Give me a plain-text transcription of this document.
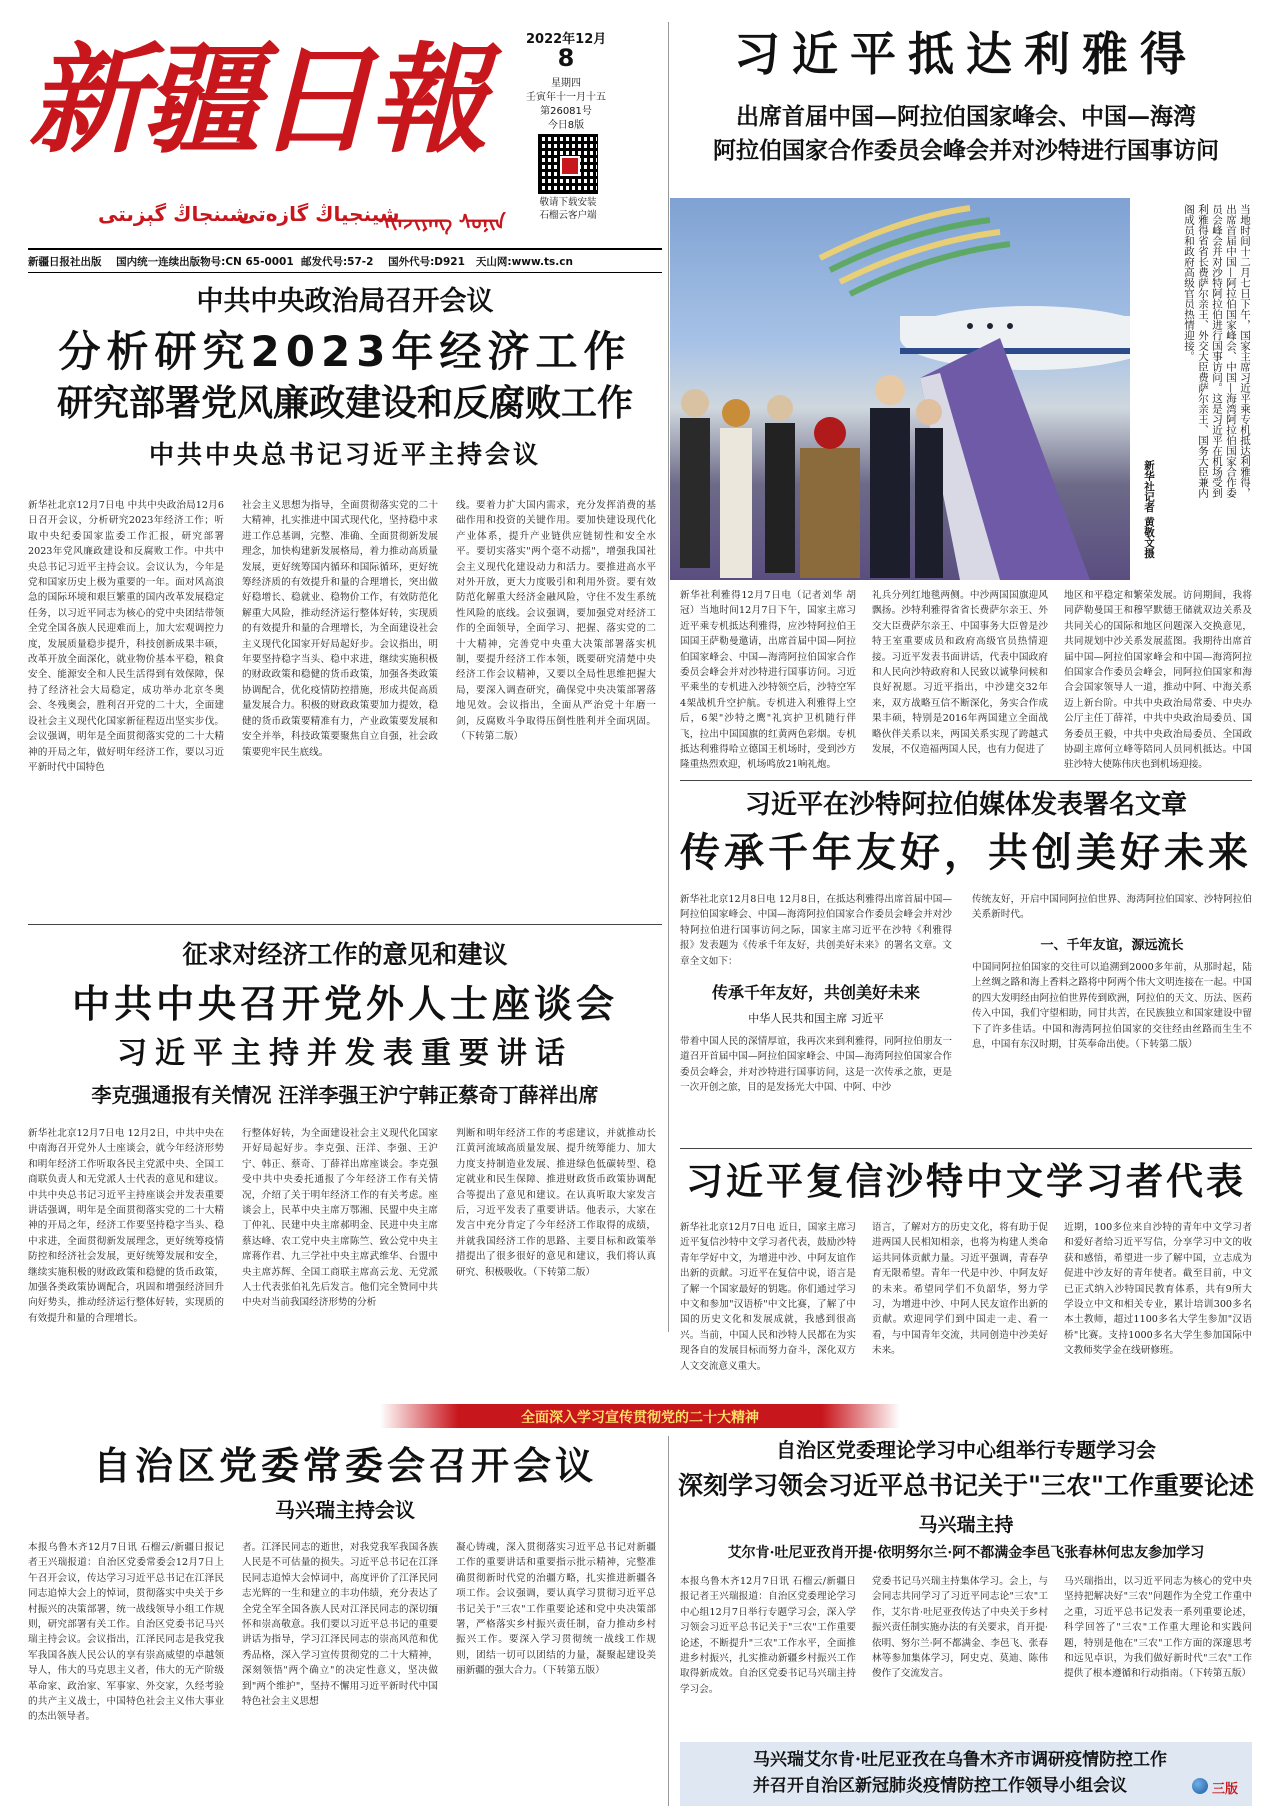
新疆日報
شىنجاڭ گېزىتى
شينجياڭ گازەتى
ᠰᠢᠨᠵᠢᠶᠠᠩ ᠰᠣᠨᠢᠨ
2022年12月
8
星期四
壬寅年十一月十五
第26081号
今日8版
敬请下载安装
石榴云客户端
新疆日报社出版    国内统一连续出版物号:CN 65-0001  邮发代号:57-2    国外代号:D921   天山网:www.ts.cn
习近平抵达利雅得
出席首届中国—阿拉伯国家峰会、中国—海湾
阿拉伯国家合作委员会峰会并对沙特进行国事访问
当地时间十二月七日下午，国家主席习近平乘专机抵达利雅得，出席首届中国—阿拉伯国家峰会、中国—海湾阿拉伯国家合作委员会峰会并对沙特阿拉伯进行国事访问。这是习近平在机场受到利雅得省省长费萨尔亲王、外交大臣费萨尔亲王、国务大臣兼内阁成员和政府高级官员热情迎接。
新华社记者 黄敬文摄
新华社利雅得12月7日电（记者刘华 胡冠）当地时间12月7日下午，国家主席习近平乘专机抵达利雅得，应沙特阿拉伯王国国王萨勒曼邀请，出席首届中国—阿拉伯国家峰会、中国—海湾阿拉伯国家合作委员会峰会并对沙特进行国事访问。习近平乘坐的专机进入沙特领空后，沙特空军4架战机升空护航。专机进入利雅得上空后，6架"沙特之鹰"礼宾护卫机随行伴飞，拉出中国国旗的红黄两色彩烟。专机抵达利雅得哈立德国王机场时，受到沙方隆重热烈欢迎，机场鸣放21响礼炮。
礼兵分列红地毯两侧。中沙两国国旗迎风飘扬。沙特利雅得省省长费萨尔亲王、外交大臣费萨尔亲王、中国事务大臣曾是沙特王室重要成员和政府高级官员热情迎接。习近平发表书面讲话，代表中国政府和人民向沙特政府和人民致以诚挚问候和良好祝愿。习近平指出，中沙建交32年来，双方战略互信不断深化，务实合作成果丰硕，特别是2016年两国建立全面战略伙伴关系以来，两国关系实现了跨越式发展，不仅造福两国人民，也有力促进了
地区和平稳定和繁荣发展。访问期间，我将同萨勒曼国王和穆罕默德王储就双边关系及共同关心的国际和地区问题深入交换意见，共同规划中沙关系发展蓝图。我期待出席首届中国—阿拉伯国家峰会和中国—海湾阿拉伯国家合作委员会峰会，同阿拉伯国家和海合会国家领导人一道，推动中阿、中海关系迈上新台阶。中共中央政治局常委、中央办公厅主任丁薛祥，中共中央政治局委员、国务委员王毅，中共中央政治局委员、全国政协副主席何立峰等陪同人员同机抵达。中国驻沙特大使陈伟庆也到机场迎接。
中共中央政治局召开会议
分析研究2023年经济工作
研究部署党风廉政建设和反腐败工作
中共中央总书记习近平主持会议
新华社北京12月7日电 中共中央政治局12月6日召开会议，分析研究2023年经济工作；听取中央纪委国家监委工作汇报，研究部署2023年党风廉政建设和反腐败工作。中共中央总书记习近平主持会议。会议认为，今年是党和国家历史上极为重要的一年。面对风高浪急的国际环境和艰巨繁重的国内改革发展稳定任务，以习近平同志为核心的党中央团结带领全党全国各族人民迎难而上，加大宏观调控力度，发展质量稳步提升，科技创新成果丰硕，改革开放全面深化，就业物价基本平稳，粮食安全、能源安全和人民生活得到有效保障，保持了经济社会大局稳定，成功举办北京冬奥会、冬残奥会，胜利召开党的二十大，全面建设社会主义现代化国家新征程迈出坚实步伐。会议强调，明年是全面贯彻落实党的二十大精神的开局之年，做好明年经济工作，要以习近平新时代中国特色
社会主义思想为指导，全面贯彻落实党的二十大精神，扎实推进中国式现代化，坚持稳中求进工作总基调，完整、准确、全面贯彻新发展理念，加快构建新发展格局，着力推动高质量发展，更好统筹国内循环和国际循环，更好统筹经济质的有效提升和量的合理增长，突出做好稳增长、稳就业、稳物价工作，有效防范化解重大风险，推动经济运行整体好转，实现质的有效提升和量的合理增长，为全面建设社会主义现代化国家开好局起好步。会议指出，明年要坚持稳字当头、稳中求进，继续实施积极的财政政策和稳健的货币政策，加强各类政策协调配合，优化疫情防控措施，形成共促高质量发展合力。积极的财政政策要加力提效，稳健的货币政策要精准有力，产业政策要发展和安全并举，科技政策要聚焦自立自强，社会政策要兜牢民生底线。
线。要着力扩大国内需求，充分发挥消费的基础作用和投资的关键作用。要加快建设现代化产业体系，提升产业链供应链韧性和安全水平。要切实落实"两个毫不动摇"，增强我国社会主义现代化建设动力和活力。要推进高水平对外开放，更大力度吸引和利用外资。要有效防范化解重大经济金融风险，守住不发生系统性风险的底线。会议强调，要加强党对经济工作的全面领导，全面学习、把握、落实党的二十大精神，完善党中央重大决策部署落实机制，要提升经济工作本领，既要研究清楚中央经济工作会议精神，又要以全局性思维把握大局，要深入调查研究，确保党中央决策部署落地见效。会议指出，全面从严治党十年磨一剑，反腐败斗争取得压倒性胜利并全面巩固。（下转第二版）
征求对经济工作的意见和建议
中共中央召开党外人士座谈会
习近平主持并发表重要讲话
李克强通报有关情况 汪洋李强王沪宁韩正蔡奇丁薛祥出席
新华社北京12月7日电 12月2日，中共中央在中南海召开党外人士座谈会，就今年经济形势和明年经济工作听取各民主党派中央、全国工商联负责人和无党派人士代表的意见和建议。中共中央总书记习近平主持座谈会并发表重要讲话强调，明年是全面贯彻落实党的二十大精神的开局之年，经济工作要坚持稳字当头、稳中求进，全面贯彻新发展理念，更好统筹疫情防控和经济社会发展，更好统筹发展和安全，继续实施积极的财政政策和稳健的货币政策，加强各类政策协调配合，巩固和增强经济回升向好势头，推动经济运行整体好转，实现质的有效提升和量的合理增长。
行整体好转，为全面建设社会主义现代化国家开好局起好步。李克强、汪洋、李强、王沪宁、韩正、蔡奇、丁薛祥出席座谈会。李克强受中共中央委托通报了今年经济工作有关情况，介绍了关于明年经济工作的有关考虑。座谈会上，民革中央主席万鄂湘、民盟中央主席丁仲礼、民建中央主席郝明金、民进中央主席蔡达峰、农工党中央主席陈竺、致公党中央主席蒋作君、九三学社中央主席武维华、台盟中央主席苏辉、全国工商联主席高云龙、无党派人士代表张伯礼先后发言。他们完全赞同中共中央对当前我国经济形势的分析
判断和明年经济工作的考虑建议，并就推动长江黄河流域高质量发展、提升统筹能力、加大力度支持制造业发展、推进绿色低碳转型、稳定就业和民生保障、推进财政货币政策协调配合等提出了意见和建议。在认真听取大家发言后，习近平发表了重要讲话。他表示，大家在发言中充分肯定了今年经济工作取得的成绩，并就我国经济工作的思路、主要目标和政策举措提出了很多很好的意见和建议，我们将认真研究、积极吸收。（下转第二版）
习近平在沙特阿拉伯媒体发表署名文章
传承千年友好，共创美好未来
新华社北京12月8日电 12月8日，在抵达利雅得出席首届中国—阿拉伯国家峰会、中国—海湾阿拉伯国家合作委员会峰会并对沙特阿拉伯进行国事访问之际，国家主席习近平在沙特《利雅得报》发表题为《传承千年友好，共创美好未来》的署名文章。文章全文如下：
传统友好，开启中国同阿拉伯世界、海湾阿拉伯国家、沙特阿拉伯关系新时代。
一、千年友谊，源远流长
传承千年友好，共创美好未来
中华人民共和国主席 习近平
带着中国人民的深情厚谊，我再次来到利雅得，同阿拉伯朋友一道召开首届中国—阿拉伯国家峰会、中国—海湾阿拉伯国家合作委员会峰会，并对沙特进行国事访问，这是一次传承之旅，更是一次开创之旅，目的是发扬光大中国、中阿、中沙
中国同阿拉伯国家的交往可以追溯到2000多年前，从那时起，陆上丝绸之路和海上香料之路将中阿两个伟大文明连接在一起。中国的四大发明经由阿拉伯世界传到欧洲，阿拉伯的天文、历法、医药传入中国，我们守望相助，同甘共苦，在民族独立和国家建设中留下了许多佳话。中国和海湾阿拉伯国家的交往经由丝路而生生不息，中国有东汉时期，甘英奉命出使。（下转第二版）
习近平复信沙特中文学习者代表
新华社北京12月7日电 近日，国家主席习近平复信沙特中文学习者代表，鼓励沙特青年学好中文，为增进中沙、中阿友谊作出新的贡献。习近平在复信中说，语言是了解一个国家最好的钥匙。你们通过学习中文和参加"汉语桥"中文比赛，了解了中国的历史文化和发展成就，我感到很高兴。当前，中国人民和沙特人民都在为实现各自的发展目标而努力奋斗，深化双方人文交流意义重大。
语言，了解对方的历史文化，将有助于促进两国人民相知相亲，也将为构建人类命运共同体贡献力量。习近平强调，青春孕育无限希望。青年一代是中沙、中阿友好的未来。希望同学们不负韶华，努力学习，为增进中沙、中阿人民友谊作出新的贡献。欢迎同学们到中国走一走、看一看，与中国青年交流，共同创造中沙美好未来。
近期，100多位来自沙特的青年中文学习者和爱好者给习近平写信，分享学习中文的收获和感悟，希望进一步了解中国，立志成为促进中沙友好的青年使者。截至目前，中文已正式纳入沙特国民教育体系，共有9所大学设立中文和相关专业，累计培训300多名本土教师，超过1100多名大学生参加"汉语桥"比赛。支持1000多名大学生参加国际中文教师奖学金在线研修班。
全面深入学习宣传贯彻党的二十大精神
自治区党委常委会召开会议
马兴瑞主持会议
本报乌鲁木齐12月7日讯 石榴云/新疆日报记者王兴瑞报道：自治区党委常委会12月7日上午召开会议，传达学习习近平总书记在江泽民同志追悼大会上的悼词，贯彻落实中央关于乡村振兴的决策部署，统一战线领导小组工作规则，研究部署有关工作。自治区党委书记马兴瑞主持会议。会议指出，江泽民同志是我党我军我国各族人民公认的享有崇高威望的卓越领导人，伟大的马克思主义者，伟大的无产阶级革命家、政治家、军事家、外交家，久经考验的共产主义战士，中国特色社会主义伟大事业的杰出领导者。
者。江泽民同志的逝世，对我党我军我国各族人民是不可估量的损失。习近平总书记在江泽民同志追悼大会悼词中，高度评价了江泽民同志光辉的一生和建立的丰功伟绩，充分表达了全党全军全国各族人民对江泽民同志的深切缅怀和崇高敬意。我们要以习近平总书记的重要讲话为指导，学习江泽民同志的崇高风范和优秀品格，深入学习宣传贯彻党的二十大精神，深刻领悟"两个确立"的决定性意义，坚决做到"两个维护"，坚持不懈用习近平新时代中国特色社会主义思想
凝心铸魂，深入贯彻落实习近平总书记对新疆工作的重要讲话和重要指示批示精神，完整准确贯彻新时代党的治疆方略，扎实推进新疆各项工作。会议强调，要认真学习贯彻习近平总书记关于"三农"工作重要论述和党中央决策部署，严格落实乡村振兴责任制，奋力推动乡村振兴工作。要深入学习贯彻统一战线工作规则，团结一切可以团结的力量，凝聚起建设美丽新疆的强大合力。（下转第五版）
自治区党委理论学习中心组举行专题学习会
深刻学习领会习近平总书记关于"三农"工作重要论述
马兴瑞主持
艾尔肯·吐尼亚孜肖开提·依明努尔兰·阿不都满金李邑飞张春林何忠友参加学习
本报乌鲁木齐12月7日讯 石榴云/新疆日报记者王兴瑞报道：自治区党委理论学习中心组12月7日举行专题学习会，深入学习领会习近平总书记关于"三农"工作重要论述，不断提升"三农"工作水平，全面推进乡村振兴，扎实推动新疆乡村振兴工作取得新成效。自治区党委书记马兴瑞主持学习会。
党委书记马兴瑞主持集体学习。会上，与会同志共同学习了习近平同志论"三农"工作，艾尔肯·吐尼亚孜传达了中央关于乡村振兴责任制实施办法的有关要求，肖开提·依明、努尔兰·阿不都满金、李邑飞、张春林等参加集体学习，阿史克、莫迪、陈伟俊作了交流发言。
马兴瑞指出，以习近平同志为核心的党中央坚持把解决好"三农"问题作为全党工作重中之重，习近平总书记发表一系列重要论述，科学回答了"三农"工作重大理论和实践问题，特别是他在"三农"工作方面的深邃思考和远见卓识，为我们做好新时代"三农"工作提供了根本遵循和行动指南。（下转第五版）
马兴瑞艾尔肯·吐尼亚孜在乌鲁木齐市调研疫情防控工作
并召开自治区新冠肺炎疫情防控工作领导小组会议	三版
